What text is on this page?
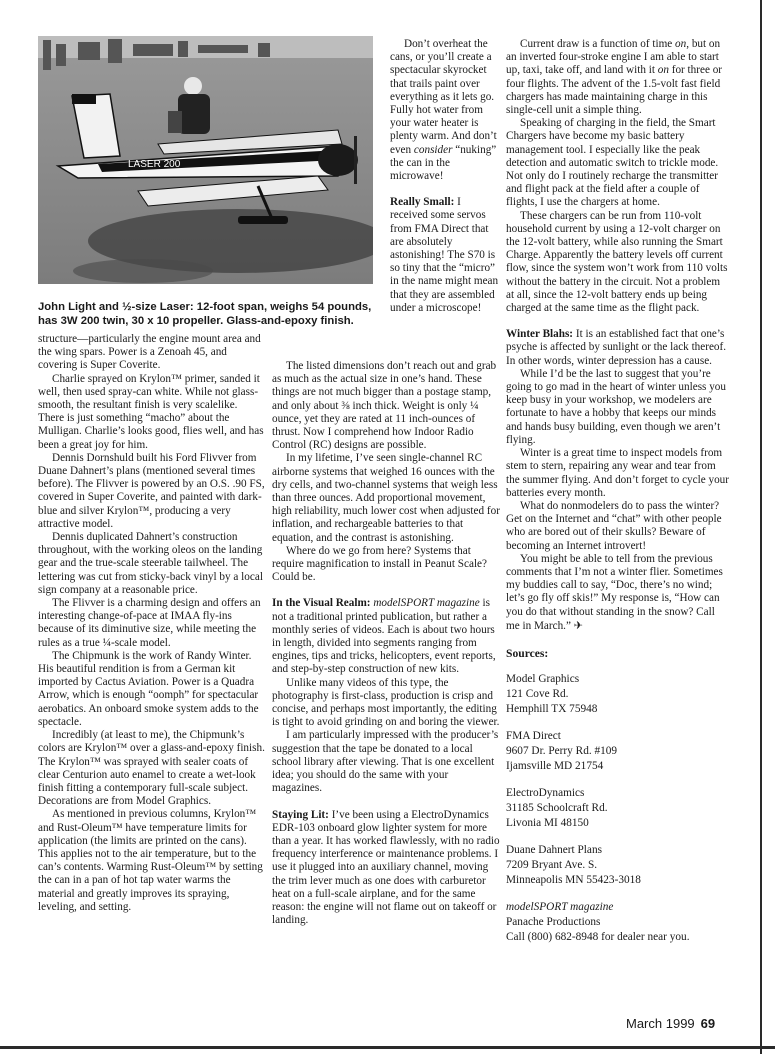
LASER 200
John Light and ½-size Laser: 12-foot span, weighs 54 pounds, has 3W 200 twin, 30 x 10 propeller. Glass-and-epoxy finish.

structure—particularly the engine mount area and the wing spars. Power is a Zenoah 45, and covering is Super Coverite.

Charlie sprayed on Krylon™ primer, sanded it well, then used spray-can white. While not glass-smooth, the resultant finish is very scalelike. There is just something “macho” about the Mulligan. Charlie’s looks good, flies well, and has been a great joy for him.

Dennis Dornshuld built his Ford Flivver from Duane Dahnert’s plans (mentioned several times before). The Flivver is powered by an O.S. .90 FS, covered in Super Coverite, and painted with dark-blue and silver Krylon™, producing a very attractive model.

Dennis duplicated Dahnert’s construction throughout, with the working oleos on the landing gear and the true-scale steerable tailwheel. The lettering was cut from sticky-back vinyl by a local sign company at a reasonable price.

The Flivver is a charming design and offers an interesting change-of-pace at IMAA fly-ins because of its diminutive size, while meeting the rules as a true ¼-scale model.

The Chipmunk is the work of Randy Winter. His beautiful rendition is from a German kit imported by Cactus Aviation. Power is a Quadra Arrow, which is enough “oomph” for spectacular aerobatics. An onboard smoke system adds to the spectacle.

Incredibly (at least to me), the Chipmunk’s colors are Krylon™ over a glass-and-epoxy finish. The Krylon™ was sprayed with sealer coats of clear Centurion auto enamel to create a wet-look finish fitting a contemporary full-scale subject. Decorations are from Model Graphics.

As mentioned in previous columns, Krylon™ and Rust-Oleum™ have temperature limits for application (the limits are printed on the cans). This applies not to the air temperature, but to the can’s contents. Warming Rust-Oleum™ by setting the can in a pan of hot tap water warms the material and greatly improves its spraying, leveling, and setting.

Don’t overheat the cans, or you’ll create a spectacular skyrocket that trails paint over everything as it lets go. Fully hot water from your water heater is plenty warm. And don’t even consider “nuking” the can in the microwave!

Really Small: I received some servos from FMA Direct that are absolutely astonishing! The S70 is so tiny that the “micro” in the name might mean that they are assembled under a microscope!

The listed dimensions don’t reach out and grab as much as the actual size in one’s hand. These things are not much bigger than a postage stamp, and only about ⅜ inch thick. Weight is only ¼ ounce, yet they are rated at 11 inch-ounces of thrust. Now I comprehend how Indoor Radio Control (RC) designs are possible.

In my lifetime, I’ve seen single-channel RC airborne systems that weighed 16 ounces with the dry cells, and two-channel systems that weigh less than three ounces. Add proportional movement, high reliability, much lower cost when adjusted for inflation, and rechargeable batteries to that equation, and the contrast is astonishing.

Where do we go from here? Systems that require magnification to install in Peanut Scale? Could be.

In the Visual Realm: modelSPORT magazine is not a traditional printed publication, but rather a monthly series of videos. Each is about two hours in length, divided into segments ranging from engines, tips and tricks, helicopters, event reports, and step-by-step construction of new kits.

Unlike many videos of this type, the photography is first-class, production is crisp and concise, and perhaps most importantly, the editing is tight to avoid grinding on and boring the viewer.

I am particularly impressed with the producer’s suggestion that the tape be donated to a local school library after viewing. That is one excellent idea; you should do the same with your magazines.

Staying Lit: I’ve been using a ElectroDynamics EDR-103 onboard glow lighter system for more than a year. It has worked flawlessly, with no radio frequency interference or maintenance problems. I use it plugged into an auxiliary channel, moving the trim lever much as one does with carburetor heat on a full-scale airplane, and for the same reason: the engine will not flame out on takeoff or landing.

Current draw is a function of time on, but on an inverted four-stroke engine I am able to start up, taxi, take off, and land with it on for three or four flights. The advent of the 1.5-volt fast field chargers has made maintaining charge in this single-cell unit a simple thing.

Speaking of charging in the field, the Smart Chargers have become my basic battery management tool. I especially like the peak detection and automatic switch to trickle mode. Not only do I routinely recharge the transmitter and flight pack at the field after a couple of flights, I use the chargers at home.

These chargers can be run from 110-volt household current by using a 12-volt charger on the 12-volt battery, while also running the Smart Charge. Apparently the battery levels off current flow, since the system won’t work from 110 volts without the battery in the circuit. Not a problem at all, since the 12-volt battery ends up being charged at the same time as the flight pack.

Winter Blahs: It is an established fact that one’s psyche is affected by sunlight or the lack thereof. In other words, winter depression has a cause.

While I’d be the last to suggest that you’re going to go mad in the heart of winter unless you keep busy in your workshop, we modelers are fortunate to have a hobby that keeps our minds and hands busy building, even though we aren’t flying.

Winter is a great time to inspect models from stem to stern, repairing any wear and tear from the summer flying. And don’t forget to cycle your batteries every month.

What do nonmodelers do to pass the winter? Get on the Internet and “chat” with other people who are bored out of their skulls? Beware of becoming an Internet introvert!

You might be able to tell from the previous comments that I’m not a winter flier. Sometimes my buddies call to say, “Doc, there’s no wind; let’s go fly off skis!” My response is, “How can you do that without standing in the snow? Call me in March.” ✈

Sources:
Model Graphics
121 Cove Rd.
Hemphill TX 75948
FMA Direct
9607 Dr. Perry Rd. #109
Ijamsville MD 21754
ElectroDynamics
31185 Schoolcraft Rd.
Livonia MI 48150
Duane Dahnert Plans
7209 Bryant Ave. S.
Minneapolis MN 55423-3018
modelSPORT magazine
Panache Productions
Call (800) 682-8948 for dealer near you.
March 1999 69
